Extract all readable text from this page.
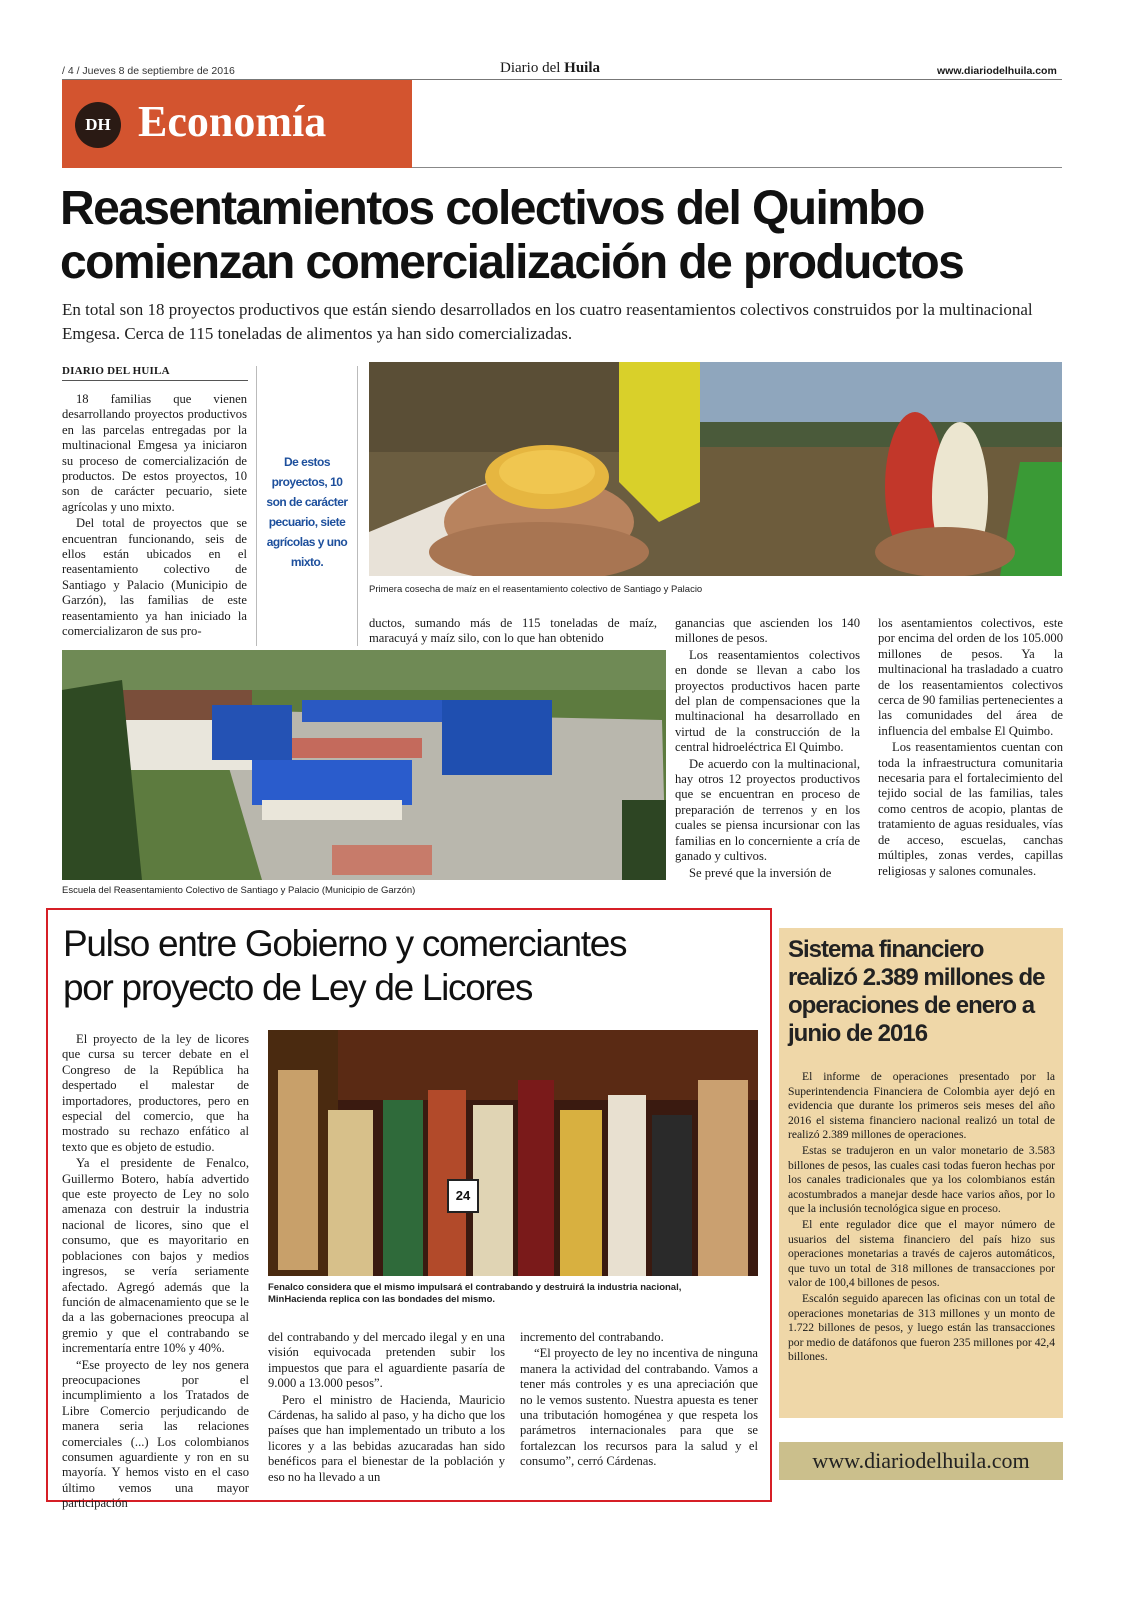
/ 4 / Jueves 8 de septiembre de 2016	Diario del Huila	www.diariodelhuila.com
DH Economía
Reasentamientos colectivos del Quimbo
comienzan comercialización de productos
En total son 18 proyectos productivos que están siendo desarrollados en los cuatro reasentamientos colectivos construidos por la multinacional Emgesa. Cerca de 115 toneladas de alimentos ya han sido comercializadas.
DIARIO DEL HUILA

18 familias que vienen desarrollando proyectos productivos en las parcelas entregadas por la multinacional Emgesa ya iniciaron su proceso de comercialización de productos. De estos proyectos, 10 son de carácter pecuario, siete agrícolas y uno mixto.

Del total de proyectos que se encuentran funcionando, seis de ellos están ubicados en el reasentamiento colectivo de Santiago y Palacio (Municipio de Garzón), las familias de este reasentamiento ya han iniciado la comercializaron de sus pro-

De estos proyectos, 10 son de carácter pecuario, siete agrícolas y uno mixto.
Primera cosecha de maíz en el reasentamiento colectivo de Santiago y Palacio
Escuela del Reasentamiento Colectivo de Santiago y Palacio (Municipio de Garzón)

ductos, sumando más de 115 toneladas de maíz, maracuyá y maíz silo, con lo que han obtenido

ganancias que ascienden los 140 millones de pesos.

Los reasentamientos colectivos en donde se llevan a cabo los proyectos productivos hacen parte del plan de compensaciones que la multinacional ha desarrollado en virtud de la construcción de la central hidroeléctrica El Quimbo.

De acuerdo con la multinacional, hay otros 12 proyectos productivos que se encuentran en proceso de preparación de terrenos y en los cuales se piensa incursionar con las familias en lo concerniente a cría de ganado y cultivos.

Se prevé que la inversión de

los asentamientos colectivos, este por encima del orden de los 105.000 millones de pesos. Ya la multinacional ha trasladado a cuatro de los reasentamientos colectivos cerca de 90 familias pertenecientes a las comunidades del área de influencia del embalse El Quimbo.

Los reasentamientos cuentan con toda la infraestructura comunitaria necesaria para el fortalecimiento del tejido social de las familias, tales como centros de acopio, plantas de tratamiento de aguas residuales, vías de acceso, escuelas, canchas múltiples, zonas verdes, capillas religiosas y salones comunales.

Pulso entre Gobierno y comerciantes
por proyecto de Ley de Licores

El proyecto de la ley de licores que cursa su tercer debate en el Congreso de la República ha despertado el malestar de importadores, productores, pero en especial del comercio, que ha mostrado su rechazo enfático al texto que es objeto de estudio.

Ya el presidente de Fenalco, Guillermo Botero, había advertido que este proyecto de Ley no solo amenaza con destruir la industria nacional de licores, sino que el consumo, que es mayoritario en poblaciones con bajos y medios ingresos, se vería seriamente afectado. Agregó además que la función de almacenamiento que se le da a las gobernaciones preocupa al gremio y que el contrabando se incrementaría entre 10% y 40%.

“Ese proyecto de ley nos genera preocupaciones por el incumplimiento a los Tratados de Libre Comercio perjudicando de manera seria las relaciones comerciales (...) Los colombianos consumen aguardiente y ron en su mayoría. Y hemos visto en el caso último vemos una mayor participación

24
Fenalco considera que el mismo impulsará el contrabando y destruirá la industria nacional, MinHacienda replica con las bondades del mismo.

del contrabando y del mercado ilegal y en una visión equivocada pretenden subir los impuestos que para el aguardiente pasaría de 9.000 a 13.000 pesos”.

Pero el ministro de Hacienda, Mauricio Cárdenas, ha salido al paso, y ha dicho que los países que han implementado un tributo a los licores y a las bebidas azucaradas han sido benéficos para el bienestar de la población y eso no ha llevado a un

incremento del contrabando.

“El proyecto de ley no incentiva de ninguna manera la actividad del contrabando. Vamos a tener más controles y es una apreciación que no le vemos sustento. Nuestra apuesta es tener una tributación homogénea y que respeta los parámetros internacionales para que se fortalezcan los recursos para la salud y el consumo”, cerró Cárdenas.

Sistema financiero realizó 2.389 millones de operaciones de enero a junio de 2016

El informe de operaciones presentado por la Superintendencia Financiera de Colombia ayer dejó en evidencia que durante los primeros seis meses del año 2016 el sistema financiero nacional realizó un total de realizó 2.389 millones de operaciones.

Estas se tradujeron en un valor monetario de 3.583 billones de pesos, las cuales casi todas fueron hechas por los canales tradicionales que ya los colombianos están acostumbrados a manejar desde hace varios años, por lo que la inclusión tecnológica sigue en proceso.

El ente regulador dice que el mayor número de usuarios del sistema financiero del país hizo sus operaciones monetarias a través de cajeros automáticos, que tuvo un total de 318 millones de transacciones por valor de 100,4 billones de pesos.

Escalón seguido aparecen las oficinas con un total de operaciones monetarias de 313 millones y un monto de 1.722 billones de pesos, y luego están las transacciones por medio de datáfonos que fueron 235 millones por 42,4 billones.

www.diariodelhuila.com
